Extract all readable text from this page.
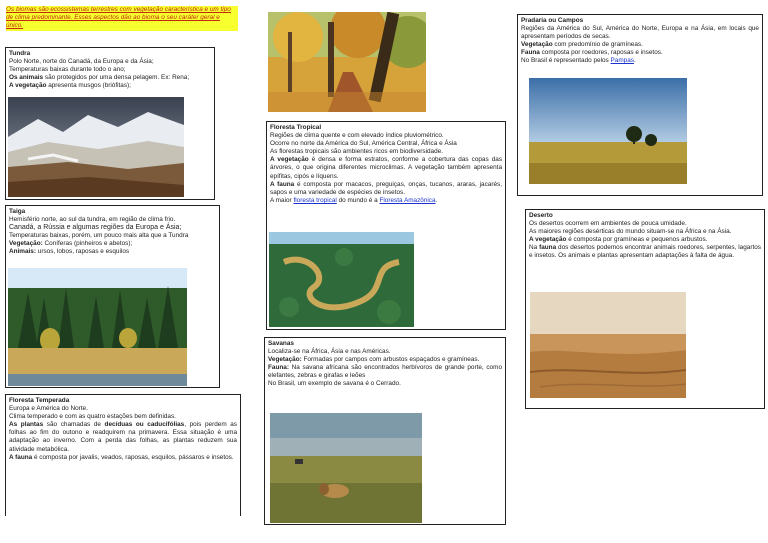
Os biomas são ecossistemas terrestres com vegetação característica e um tipo de clima predominante. Esses aspectos dão ao bioma o seu caráter geral e único.
Tundra

Polo Norte, norte do Canadá, da Europa e da Ásia;

Temperaturas baixas durante todo o ano;

Os animais são protegidos por uma densa pelagem. Ex: Rena;

A vegetação apresenta musgos (briófitas);

Taiga

Hemisfério norte, ao sul da tundra, em região de clima frio.

Canadá, a Rússia e algumas regiões da Europa e Ásia;

Temperaturas baixas, porém, um pouco mais alta que a Tundra

Vegetação: Coníferas (pinheiros e abetos);

Animais: ursos, lobos, raposas e esquilos

Floresta Temperada

Europa e América do Norte.

Clima temperado e com as quatro estações bem definidas.

As plantas são chamadas de decíduas ou caducifólias, pois perdem as folhas ao fim do outono e readquirem na primavera. Essa situação é uma adaptação ao inverno. Com a perda das folhas, as plantas reduzem sua atividade metabólica.

A fauna é composta por javalis, veados, raposas, esquilos, pássaros e insetos.

Floresta Tropical

Regiões de clima quente e com elevado índice pluviométrico.

Ocorre no norte da América do Sul, América Central, África e Ásia

As florestas tropicais são ambientes ricos em biodiversidade.

A vegetação é densa e forma estratos, conforme a cobertura das copas das árvores, o que origina diferentes microclimas. A vegetação também apresenta epífitas, cipós e líquens.

A fauna é composta por macacos, preguiças, onças, tucanos, araras, jacarés, sapos e uma variedade de espécies de insetos.

A maior floresta tropical do mundo é a Floresta Amazônica.

Savanas

Localiza-se na África, Ásia e nas Américas.

Vegetação: Formadas por campos com arbustos espaçados e gramíneas.

Fauna: Na savana africana são encontrados herbívoros de grande porte, como elefantes, zebras e girafas e leões

No Brasil, um exemplo de savana é o Cerrado.

Pradaria ou Campos

Regiões da América do Sul, América do Norte, Europa e na Ásia, em locais que apresentam períodos de secas.

Vegetação com predomínio de gramíneas.

Fauna composta por roedores, raposas e insetos.

No Brasil é representado pelos Pampas.

Deserto

Os desertos ocorrem em ambientes de pouca umidade.

As maiores regiões desérticas do mundo situam-se na África e na Ásia.

A vegetação é composta por gramíneas e pequenos arbustos.

Na fauna dos desertos podemos encontrar animais roedores, serpentes, lagartos e insetos. Os animais e plantas apresentam adaptações à falta de água.
